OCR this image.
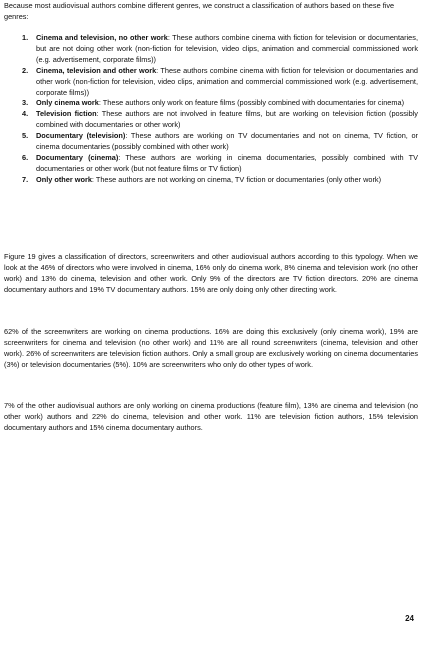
Because most audiovisual authors combine different genres, we construct a classification of authors based on these five genres:
1. Cinema and television, no other work: These authors combine cinema with fiction for television or documentaries, but are not doing other work (non-fiction for television, video clips, animation and commercial commissioned work (e.g. advertisement, corporate films))
2. Cinema, television and other work: These authors combine cinema with fiction for television or documentaries and other work (non-fiction for television, video clips, animation and commercial commissioned work (e.g. advertisement, corporate films))
3. Only cinema work: These authors only work on feature films (possibly combined with documentaries for cinema)
4. Television fiction: These authors are not involved in feature films, but are working on television fiction (possibly combined with documentaries or other work)
5. Documentary (television): These authors are working on TV documentaries and not on cinema, TV fiction, or cinema documentaries (possibly combined with other work)
6. Documentary (cinema): These authors are working in cinema documentaries, possibly combined with TV documentaries or other work (but not feature films or TV fiction)
7. Only other work: These authors are not working on cinema, TV fiction or documentaries (only other work)

Figure 19 gives a classification of directors, screenwriters and other audiovisual authors according to this typology. When we look at the 46% of directors who were involved in cinema, 16% only do cinema work, 8% cinema and television work (no other work) and 13% do cinema, television and other work. Only 9% of the directors are TV fiction directors. 20% are cinema documentary authors and 19% TV documentary authors. 15% are only doing only other directing work.

62% of the screenwriters are working on cinema productions. 16% are doing this exclusively (only cinema work), 19% are screenwriters for cinema and television (no other work) and 11% are all round screenwriters (cinema, television and other work). 26% of screenwriters are television fiction authors. Only a small group are exclusively working on cinema documentaries (3%) or television documentaries (5%). 10% are screenwriters who only do other types of work.

7% of the other audiovisual authors are only working on cinema productions (feature film), 13% are cinema and television (no other work) authors and 22% do cinema, television and other work. 11% are television fiction authors, 15% television documentary authors and 15% cinema documentary authors.

24
